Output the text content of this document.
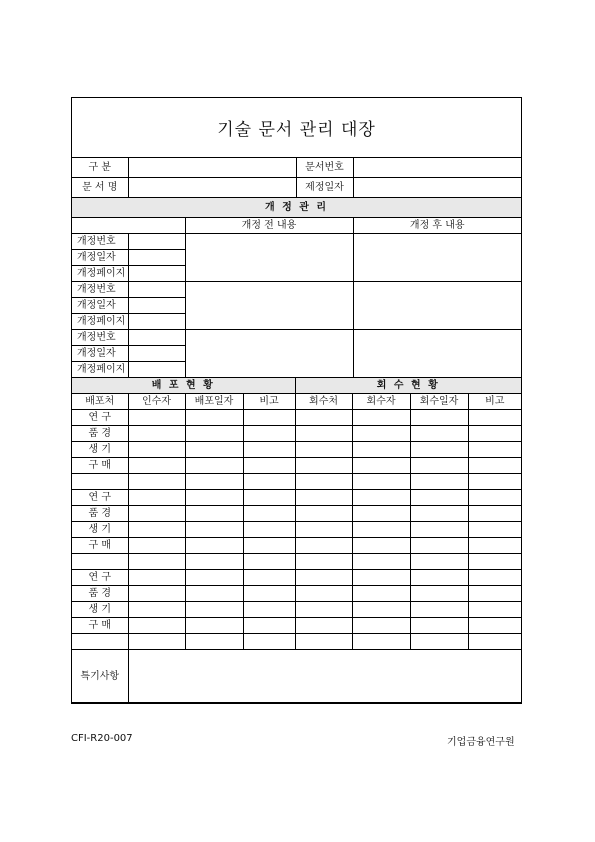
기술 문서 관리 대장
구 분		문서번호	
문 서 명		제정일자	
개 정 관 리			
		개정 전 내용	개정 후 내용
개정번호			
개정일자			
개정페이지			
개정번호			
개정일자			
개정페이지			
개정번호			
개정일자			
개정페이지			
배 포 현 황				회 수 현 황			
배포처	인수자	배포일자	비고	회수처	회수자	회수일자	비고
연 구							
품 경							
생 기							
구 매							

연 구							
품 경							
생 기							
구 매							

연 구							
품 경							
생 기							
구 매							

특기사항	
CFI-R20-007	기업금융연구원
